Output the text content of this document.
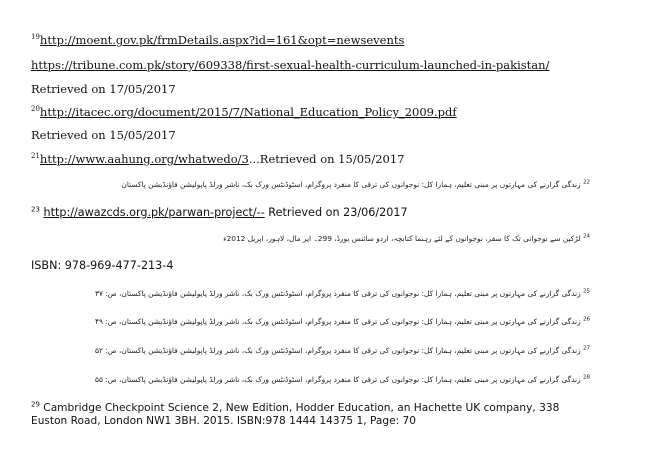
$^{19}$http://moent.gov.pk/frmDetails.aspx?id=161&opt=newsevents
https://tribune.com.pk/story/609338/first-sexual-health-curriculum-launched-in-pakistan/
Retrieved on 17/05/2017
$^{20}$http://itacec.org/document/2015/7/National_Education_Policy_2009.pdf
Retrieved on 15/05/2017
$^{21}$http://www.aahung.org/whatwedo/3...Retrieved on 15/05/2017
$^{22}$ زندگی گزارنے کی مہارتوں پر مبنی تعلیم، ہمارا کل: نوجوانوں کی ترقی کا منفرد پروگرام، اسٹوڈنٹس ورک بک، ناشر ورلڈ پاپولیشن فاؤنڈیشن پاکستان
$^{23}$ http://awazcds.org.pk/parwan-project/-- Retrieved on 23/06/2017
$^{24}$ لڑکپن سے نوجوانی تک کا سفر، نوجوانوں کے لئے رہنما کتابچہ، اردو سائنس بورڈ، 299۔ اپر مال، لاہور، اپریل 2012ء
ISBN: 978-969-477-213-4
$^{25}$ زندگی گزارنے کی مہارتوں پر مبنی تعلیم، ہمارا کل: نوجوانوں کی ترقی کا منفرد پروگرام، اسٹوڈنٹس ورک بک، ناشر ورلڈ پاپولیشن فاؤنڈیشن پاکستان، ص: ۳۷
$^{26}$ زندگی گزارنے کی مہارتوں پر مبنی تعلیم، ہمارا کل: نوجوانوں کی ترقی کا منفرد پروگرام، اسٹوڈنٹس ورک بک، ناشر ورلڈ پاپولیشن فاؤنڈیشن پاکستان، ص: ۴۹
$^{27}$ زندگی گزارنے کی مہارتوں پر مبنی تعلیم، ہمارا کل: نوجوانوں کی ترقی کا منفرد پروگرام، اسٹوڈنٹس ورک بک، ناشر ورلڈ پاپولیشن فاؤنڈیشن پاکستان، ص: ۵۲
$^{28}$ زندگی گزارنے کی مہارتوں پر مبنی تعلیم، ہمارا کل: نوجوانوں کی ترقی کا منفرد پروگرام، اسٹوڈنٹس ورک بک، ناشر ورلڈ پاپولیشن فاؤنڈیشن پاکستان، ص: ۵۵
$^{29}$ Cambridge Checkpoint Science 2, New Edition, Hodder Education, an Hachette UK company, 338 Euston Road, London NW1 3BH. 2015. ISBN:978 1444 14375 1, Page: 70
